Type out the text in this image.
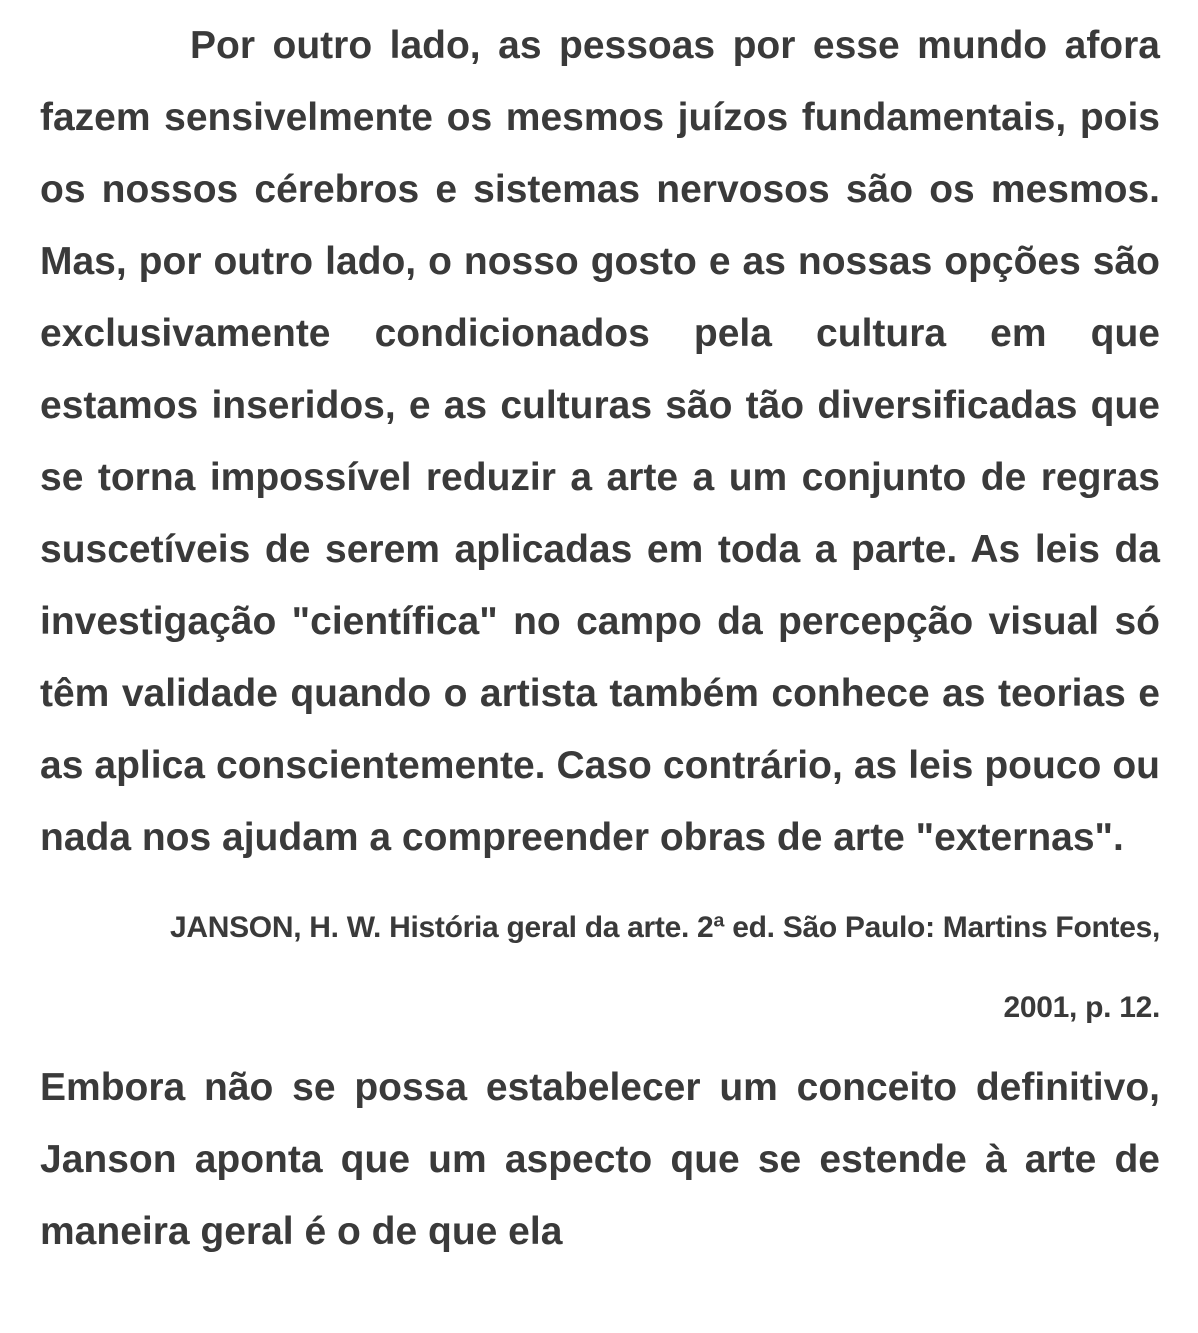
Por outro lado, as pessoas por esse mundo afora fazem sensivelmente os mesmos juízos fundamentais, pois os nossos cérebros e sistemas nervosos são os mesmos. Mas, por outro lado, o nosso gosto e as nossas opções são exclusivamente condicionados pela cultura em que estamos inseridos, e as culturas são tão diversificadas que se torna impossível reduzir a arte a um conjunto de regras suscetíveis de serem aplicadas em toda a parte. As leis da investigação "científica" no campo da percepção visual só têm validade quando o artista também conhece as teorias e as aplica conscientemente. Caso contrário, as leis pouco ou nada nos ajudam a compreender obras de arte "externas".

JANSON, H. W. História geral da arte. 2ª ed. São Paulo: Martins Fontes,
2001, p. 12.

Embora não se possa estabelecer um conceito definitivo, Janson aponta que um aspecto que se estende à arte de maneira geral é o de que ela
